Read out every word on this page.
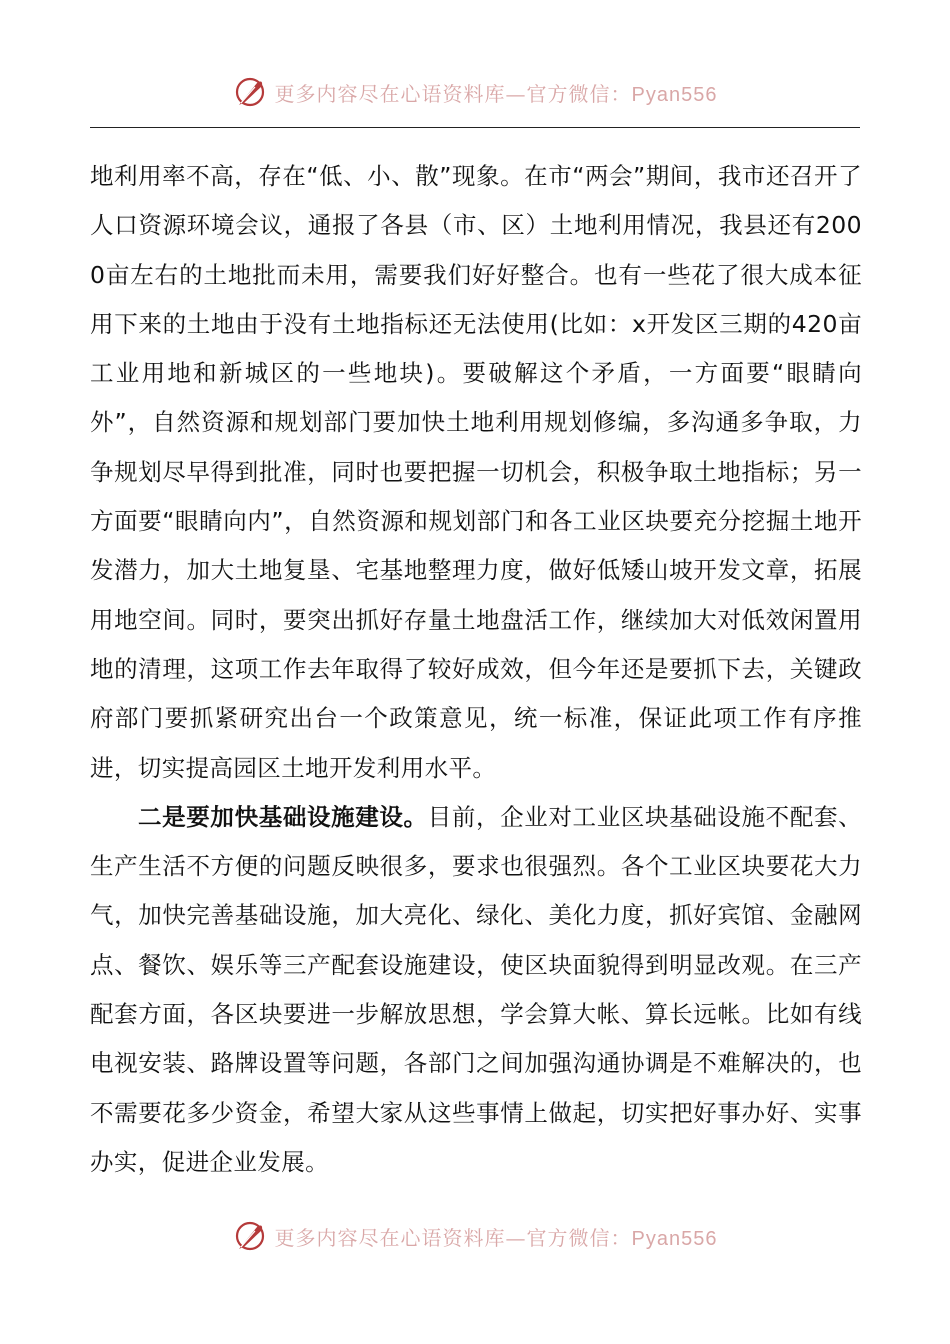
更多内容尽在心语资料库—官方微信：Pyan556

地利用率不高，存在“低、小、散”现象。在市“两会”期间，我市还召开了人口资源环境会议，通报了各县（市、区）土地利用情况，我县还有2000亩左右的土地批而未用，需要我们好好整合。也有一些花了很大成本征用下来的土地由于没有土地指标还无法使用(比如：x开发区三期的420亩工业用地和新城区的一些地块)。要破解这个矛盾，一方面要“眼睛向外”，自然资源和规划部门要加快土地利用规划修编，多沟通多争取，力争规划尽早得到批准，同时也要把握一切机会，积极争取土地指标；另一方面要“眼睛向内”，自然资源和规划部门和各工业区块要充分挖掘土地开发潜力，加大土地复垦、宅基地整理力度，做好低矮山坡开发文章，拓展用地空间。同时，要突出抓好存量土地盘活工作，继续加大对低效闲置用地的清理，这项工作去年取得了较好成效，但今年还是要抓下去，关键政府部门要抓紧研究出台一个政策意见，统一标准，保证此项工作有序推进，切实提高园区土地开发利用水平。

二是要加快基础设施建设。目前，企业对工业区块基础设施不配套、生产生活不方便的问题反映很多，要求也很强烈。各个工业区块要花大力气，加快完善基础设施，加大亮化、绿化、美化力度，抓好宾馆、金融网点、餐饮、娱乐等三产配套设施建设，使区块面貌得到明显改观。在三产配套方面，各区块要进一步解放思想，学会算大帐、算长远帐。比如有线电视安装、路牌设置等问题，各部门之间加强沟通协调是不难解决的，也不需要花多少资金，希望大家从这些事情上做起，切实把好事办好、实事办实，促进企业发展。

更多内容尽在心语资料库—官方微信：Pyan556
